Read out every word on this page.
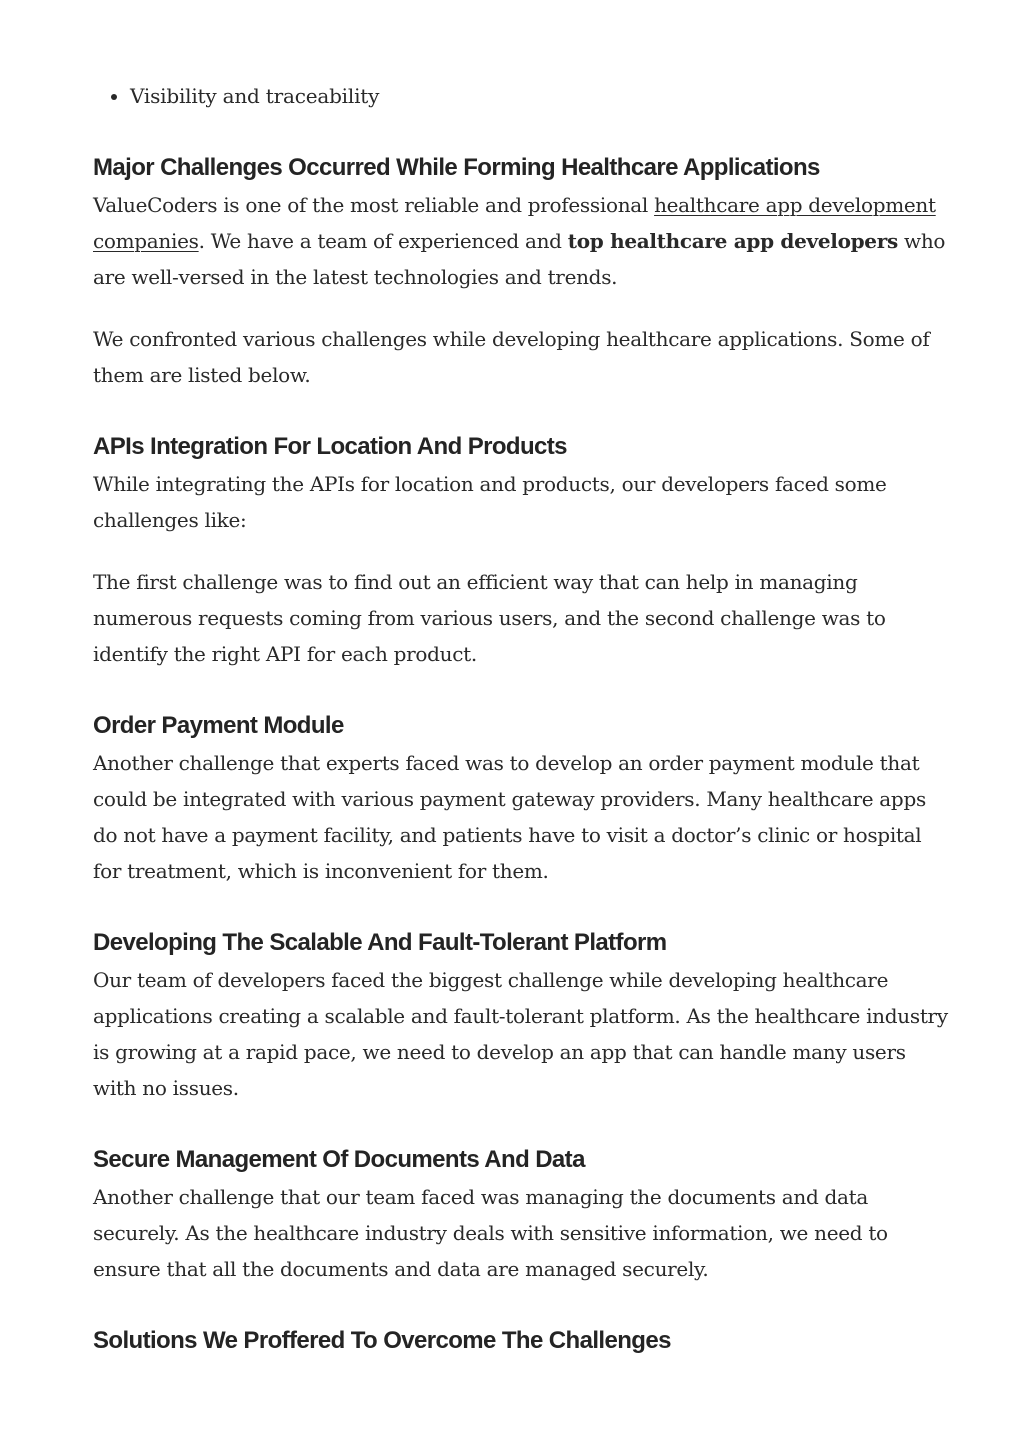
• Visibility and traceability
Major Challenges Occurred While Forming Healthcare Applications

ValueCoders is one of the most reliable and professional healthcare app development companies. We have a team of experienced and top healthcare app developers who are well-versed in the latest technologies and trends.

We confronted various challenges while developing healthcare applications. Some of them are listed below.

APIs Integration For Location And Products

While integrating the APIs for location and products, our developers faced some challenges like:

The first challenge was to find out an efficient way that can help in managing numerous requests coming from various users, and the second challenge was to identify the right API for each product.

Order Payment Module

Another challenge that experts faced was to develop an order payment module that could be integrated with various payment gateway providers. Many healthcare apps do not have a payment facility, and patients have to visit a doctor’s clinic or hospital for treatment, which is inconvenient for them.

Developing The Scalable And Fault-Tolerant Platform

Our team of developers faced the biggest challenge while developing healthcare applications creating a scalable and fault-tolerant platform. As the healthcare industry is growing at a rapid pace, we need to develop an app that can handle many users with no issues.

Secure Management Of Documents And Data

Another challenge that our team faced was managing the documents and data securely. As the healthcare industry deals with sensitive information, we need to ensure that all the documents and data are managed securely.

Solutions We Proffered To Overcome The Challenges
